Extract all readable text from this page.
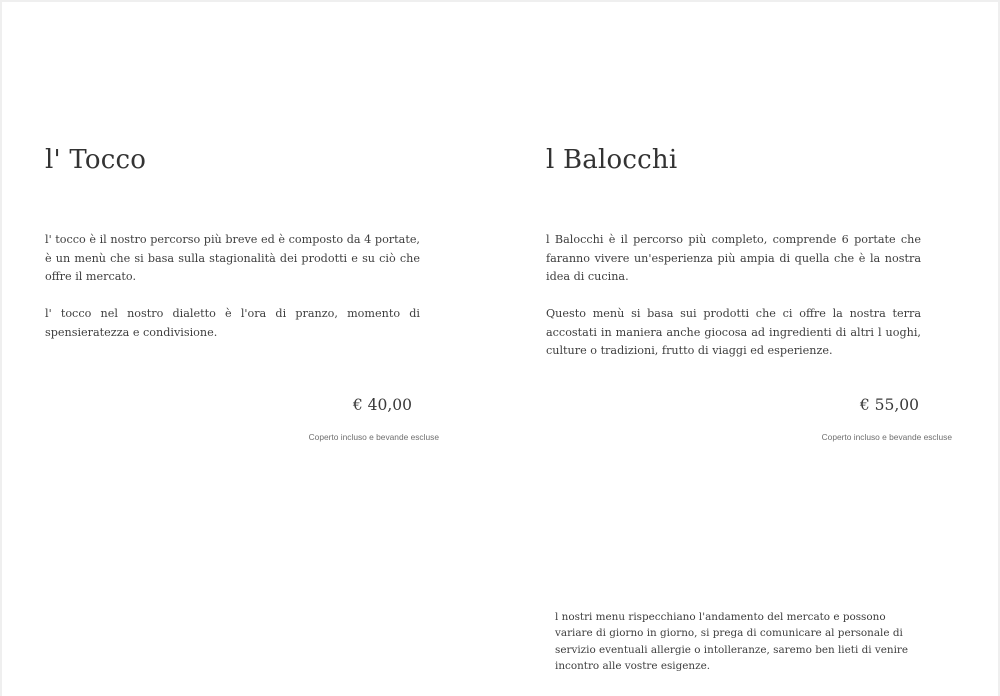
l' Tocco

l' tocco è il nostro percorso più breve ed è composto da 4 portate, è un menù che si basa sulla stagionalità dei prodotti e su ciò che offre il mercato.

l' tocco nel nostro dialetto è l'ora di pranzo, momento di spensieratezza e condivisione.

€ 40,00

Coperto incluso e bevande escluse

l Balocchi

l Balocchi è il percorso più completo, comprende 6 portate che faranno vivere un'esperienza più ampia di quella che è la nostra idea di cucina.

Questo menù si basa sui prodotti che ci offre la nostra terra accostati in maniera anche giocosa ad ingredienti di altri l uoghi, culture o tradizioni, frutto di viaggi ed esperienze.

€ 55,00

Coperto incluso e bevande escluse

l nostri menu rispecchiano l'andamento del mercato e possono variare di giorno in giorno, si prega di comunicare al personale di servizio eventuali allergie o intolleranze, saremo ben lieti di venire incontro alle vostre esigenze.
